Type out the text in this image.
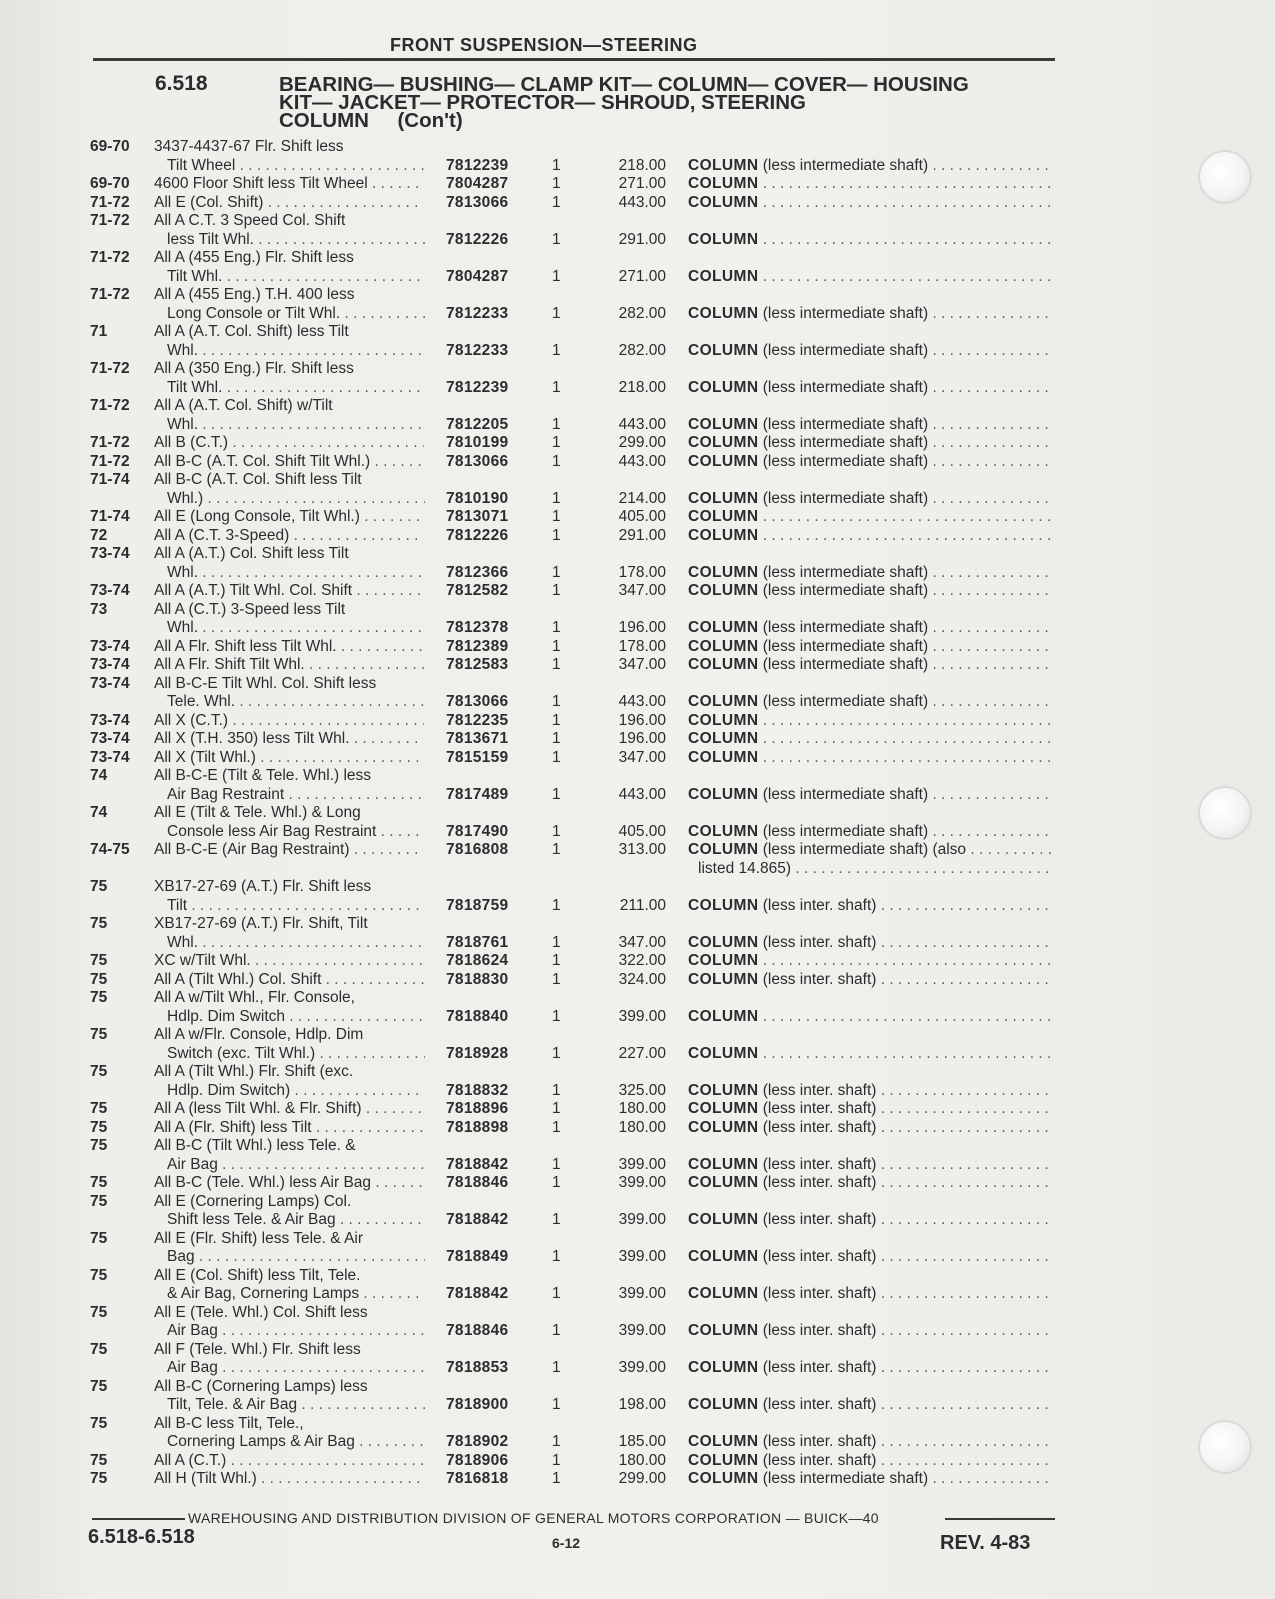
FRONT SUSPENSION—STEERING
6.518	BEARING— BUSHING— CLAMP KIT— COLUMN— COVER— HOUSING
KIT— JACKET— PROTECTOR— SHROUD, STEERING
COLUMN (Con't)
69-70	3437-4437-67 Flr. Shift less
Tilt Wheel . . .	7812239	1	218.00 COLUMN (less intermediate shaft) . . .
69-70	4600 Floor Shift less Tilt Wheel . . .	7804287	1	271.00 COLUMN . . .
71-72	All E (Col. Shift) . . .	7813066	1	443.00 COLUMN . . .
71-72	All A C.T. 3 Speed Col. Shift
less Tilt Whl. . . .	7812226	1	291.00 COLUMN . . .
71-72	All A (455 Eng.) Flr. Shift less
Tilt Whl. . . .	7804287	1	271.00 COLUMN . . .
71-72	All A (455 Eng.) T.H. 400 less
Long Console or Tilt Whl. . . .	7812233	1	282.00 COLUMN (less intermediate shaft) . . .
71	All A (A.T. Col. Shift) less Tilt
Whl. . . .	7812233	1	282.00 COLUMN (less intermediate shaft) . . .
71-72	All A (350 Eng.) Flr. Shift less
Tilt Whl. . . .	7812239	1	218.00 COLUMN (less intermediate shaft) . . .
71-72	All A (A.T. Col. Shift) w/Tilt
Whl. . . .	7812205	1	443.00 COLUMN (less intermediate shaft) . . .
71-72	All B (C.T.) . . .	7810199	1	299.00 COLUMN (less intermediate shaft) . . .
71-72	All B-C (A.T. Col. Shift Tilt Whl.) . . .	7813066	1	443.00 COLUMN (less intermediate shaft) . . .
71-74	All B-C (A.T. Col. Shift less Tilt
Whl.) . . .	7810190	1	214.00 COLUMN (less intermediate shaft) . . .
71-74	All E (Long Console, Tilt Whl.) . . .	7813071	1	405.00 COLUMN . . .
72	All A (C.T. 3-Speed) . . .	7812226	1	291.00 COLUMN . . .
73-74	All A (A.T.) Col. Shift less Tilt
Whl. . . .	7812366	1	178.00 COLUMN (less intermediate shaft) . . .
73-74	All A (A.T.) Tilt Whl. Col. Shift . . .	7812582	1	347.00 COLUMN (less intermediate shaft) . . .
73	All A (C.T.) 3-Speed less Tilt
Whl. . . .	7812378	1	196.00 COLUMN (less intermediate shaft) . . .
73-74	All A Flr. Shift less Tilt Whl. . . .	7812389	1	178.00 COLUMN (less intermediate shaft) . . .
73-74	All A Flr. Shift Tilt Whl. . . .	7812583	1	347.00 COLUMN (less intermediate shaft) . . .
73-74	All B-C-E Tilt Whl. Col. Shift less
Tele. Whl. . . .	7813066	1	443.00 COLUMN (less intermediate shaft) . . .
73-74	All X (C.T.) . . .	7812235	1	196.00 COLUMN . . .
73-74	All X (T.H. 350) less Tilt Whl. . . .	7813671	1	196.00 COLUMN . . .
73-74	All X (Tilt Whl.) . . .	7815159	1	347.00 COLUMN . . .
74	All B-C-E (Tilt & Tele. Whl.) less
Air Bag Restraint . . .	7817489	1	443.00 COLUMN (less intermediate shaft) . . .
74	All E (Tilt & Tele. Whl.) & Long
Console less Air Bag Restraint . . .	7817490	1	405.00 COLUMN (less intermediate shaft) . . .
74-75	All B-C-E (Air Bag Restraint) . . .	7816808	1	313.00 COLUMN (less intermediate shaft) (also . . .
listed 14.865) . . .
75	XB17-27-69 (A.T.) Flr. Shift less
Tilt . . .	7818759	1	211.00 COLUMN (less inter. shaft) . . .
75	XB17-27-69 (A.T.) Flr. Shift, Tilt
Whl. . . .	7818761	1	347.00 COLUMN (less inter. shaft) . . .
75	XC w/Tilt Whl. . . .	7818624	1	322.00 COLUMN . . .
75	All A (Tilt Whl.) Col. Shift . . .	7818830	1	324.00 COLUMN (less inter. shaft) . . .
75	All A w/Tilt Whl., Flr. Console,
Hdlp. Dim Switch . . .	7818840	1	399.00 COLUMN . . .
75	All A w/Flr. Console, Hdlp. Dim
Switch (exc. Tilt Whl.) . . .	7818928	1	227.00 COLUMN . . .
75	All A (Tilt Whl.) Flr. Shift (exc.
Hdlp. Dim Switch) . . .	7818832	1	325.00 COLUMN (less inter. shaft) . . .
75	All A (less Tilt Whl. & Flr. Shift) . . .	7818896	1	180.00 COLUMN (less inter. shaft) . . .
75	All A (Flr. Shift) less Tilt . . .	7818898	1	180.00 COLUMN (less inter. shaft) . . .
75	All B-C (Tilt Whl.) less Tele. &
Air Bag . . .	7818842	1	399.00 COLUMN (less inter. shaft) . . .
75	All B-C (Tele. Whl.) less Air Bag . . .	7818846	1	399.00 COLUMN (less inter. shaft) . . .
75	All E (Cornering Lamps) Col.
Shift less Tele. & Air Bag . . .	7818842	1	399.00 COLUMN (less inter. shaft) . . .
75	All E (Flr. Shift) less Tele. & Air
Bag . . .	7818849	1	399.00 COLUMN (less inter. shaft) . . .
75	All E (Col. Shift) less Tilt, Tele.
& Air Bag, Cornering Lamps . . .	7818842	1	399.00 COLUMN (less inter. shaft) . . .
75	All E (Tele. Whl.) Col. Shift less
Air Bag . . .	7818846	1	399.00 COLUMN (less inter. shaft) . . .
75	All F (Tele. Whl.) Flr. Shift less
Air Bag . . .	7818853	1	399.00 COLUMN (less inter. shaft) . . .
75	All B-C (Cornering Lamps) less
Tilt, Tele. & Air Bag . . .	7818900	1	198.00 COLUMN (less inter. shaft) . . .
75	All B-C less Tilt, Tele.,
Cornering Lamps & Air Bag . . .	7818902	1	185.00 COLUMN (less inter. shaft) . . .
75	All A (C.T.) . . .	7818906	1	180.00 COLUMN (less inter. shaft) . . .
75	All H (Tilt Whl.) . . .	7816818	1	299.00 COLUMN (less intermediate shaft) . . .
WAREHOUSING AND DISTRIBUTION DIVISION OF GENERAL MOTORS CORPORATION — BUICK—40
6.518-6.518	6-12	REV. 4-83
